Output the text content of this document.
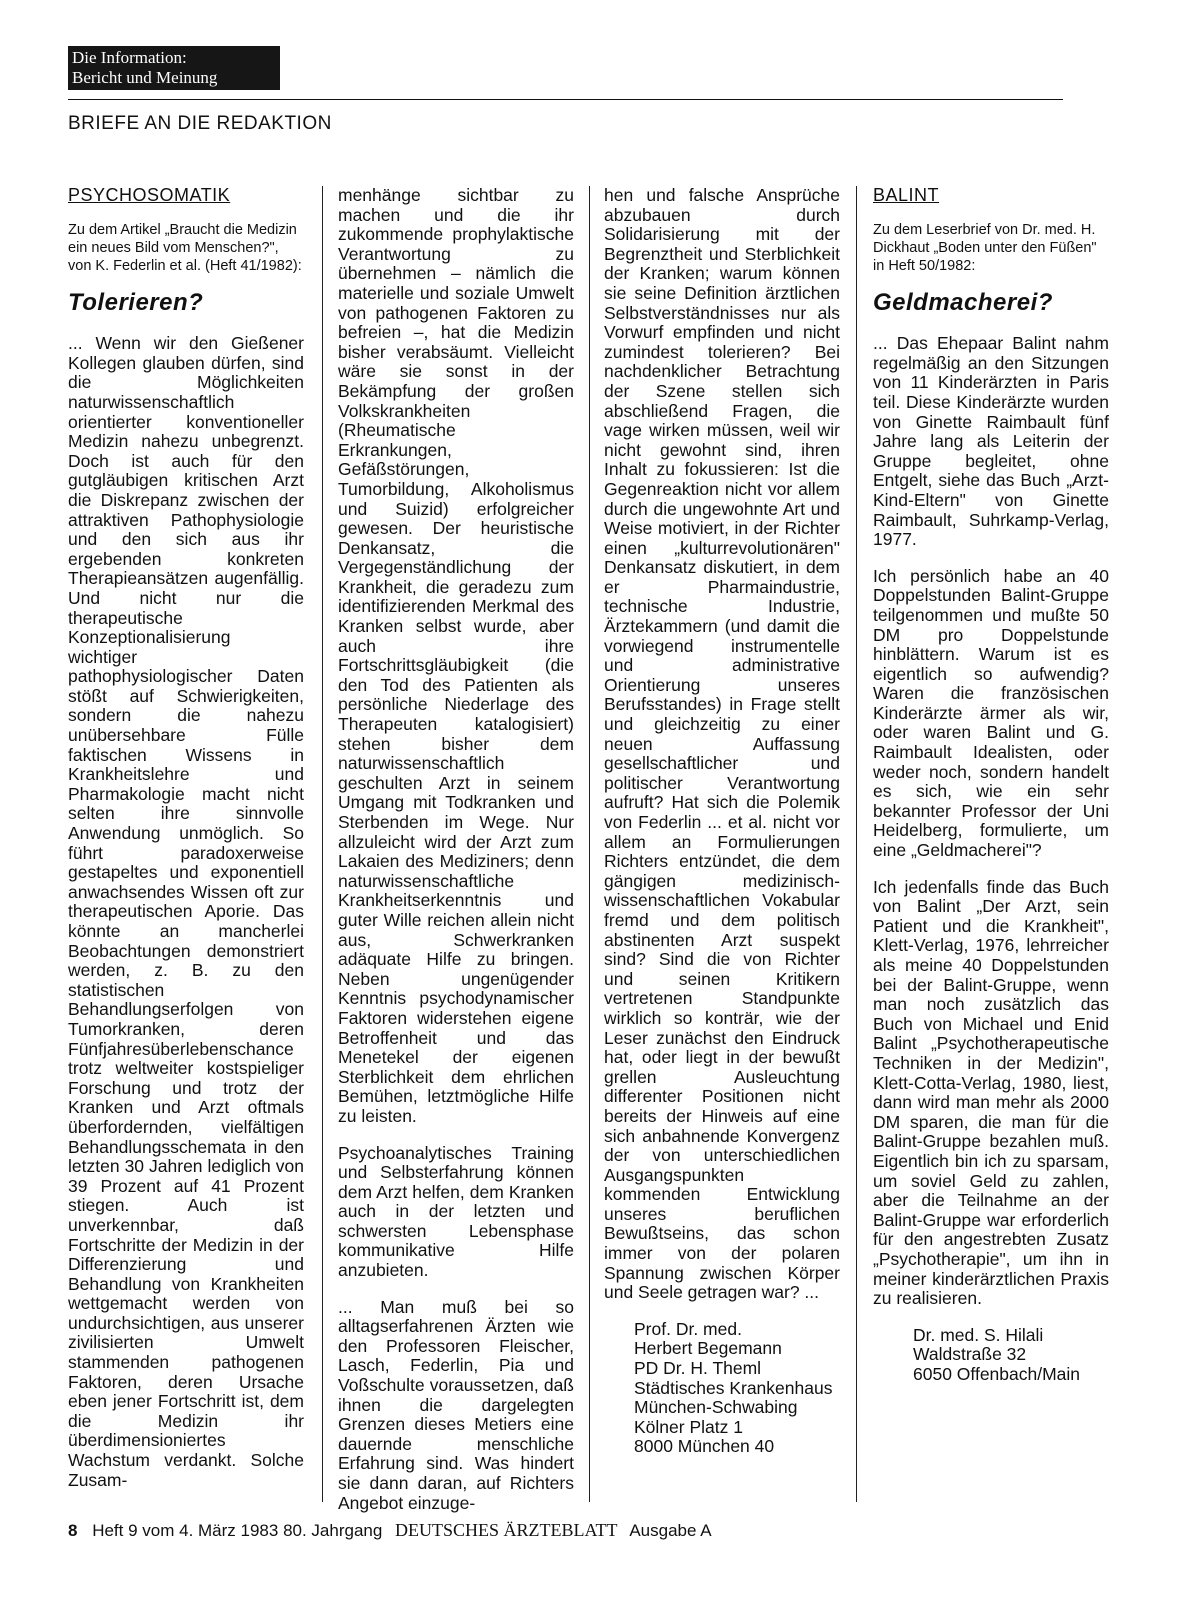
Die Information:
Bericht und Meinung
BRIEFE AN DIE REDAKTION
PSYCHOSOMATIK
Zu dem Artikel „Braucht die Medizin ein neues Bild vom Menschen?", von K. Federlin et al. (Heft 41/1982):
Tolerieren?

... Wenn wir den Gießener Kollegen glauben dürfen, sind die Möglichkeiten naturwissenschaftlich orientierter konventioneller Medizin nahezu unbegrenzt. Doch ist auch für den gutgläubigen kritischen Arzt die Diskrepanz zwischen der attraktiven Pathophysiologie und den sich aus ihr ergebenden konkreten Therapieansätzen augenfällig. Und nicht nur die therapeutische Konzeptionalisierung wichtiger pathophysiologischer Daten stößt auf Schwierigkeiten, sondern die nahezu unübersehbare Fülle faktischen Wissens in Krankheitslehre und Pharmakologie macht nicht selten ihre sinnvolle Anwendung unmöglich. So führt paradoxerweise gestapeltes und exponentiell anwachsendes Wissen oft zur therapeutischen Aporie. Das könnte an mancherlei Beobachtungen demonstriert werden, z. B. zu den statistischen Behandlungserfolgen von Tumorkranken, deren Fünfjahresüberlebenschance trotz weltweiter kostspieliger Forschung und trotz der Kranken und Arzt oftmals überfordernden, vielfältigen Behandlungsschemata in den letzten 30 Jahren lediglich von 39 Prozent auf 41 Prozent stiegen. Auch ist unverkennbar, daß Fortschritte der Medizin in der Differenzierung und Behandlung von Krankheiten wettgemacht werden von undurchsichtigen, aus unserer zivilisierten Umwelt stammenden pathogenen Faktoren, deren Ursache eben jener Fortschritt ist, dem die Medizin ihr überdimensioniertes Wachstum verdankt. Solche Zusam-

menhänge sichtbar zu machen und die ihr zukommende prophylaktische Verantwortung zu übernehmen – nämlich die materielle und soziale Umwelt von pathogenen Faktoren zu befreien –, hat die Medizin bisher verabsäumt. Vielleicht wäre sie sonst in der Bekämpfung der großen Volkskrankheiten (Rheumatische Erkrankungen, Gefäßstörungen, Tumorbildung, Alkoholismus und Suizid) erfolgreicher gewesen. Der heuristische Denkansatz, die Vergegenständlichung der Krankheit, die geradezu zum identifizierenden Merkmal des Kranken selbst wurde, aber auch ihre Fortschrittsgläubigkeit (die den Tod des Patienten als persönliche Niederlage des Therapeuten katalogisiert) stehen bisher dem naturwissenschaftlich geschulten Arzt in seinem Umgang mit Todkranken und Sterbenden im Wege. Nur allzuleicht wird der Arzt zum Lakaien des Mediziners; denn naturwissenschaftliche Krankheitserkenntnis und guter Wille reichen allein nicht aus, Schwerkranken adäquate Hilfe zu bringen. Neben ungenügender Kenntnis psychodynamischer Faktoren widerstehen eigene Betroffenheit und das Menetekel der eigenen Sterblichkeit dem ehrlichen Bemühen, letztmögliche Hilfe zu leisten.

Psychoanalytisches Training und Selbsterfahrung können dem Arzt helfen, dem Kranken auch in der letzten und schwersten Lebensphase kommunikative Hilfe anzubieten.

... Man muß bei so alltagserfahrenen Ärzten wie den Professoren Fleischer, Lasch, Federlin, Pia und Voßschulte voraussetzen, daß ihnen die dargelegten Grenzen dieses Metiers eine dauernde menschliche Erfahrung sind. Was hindert sie dann daran, auf Richters Angebot einzuge-

hen und falsche Ansprüche abzubauen durch Solidarisierung mit der Begrenztheit und Sterblichkeit der Kranken; warum können sie seine Definition ärztlichen Selbstverständnisses nur als Vorwurf empfinden und nicht zumindest tolerieren? Bei nachdenklicher Betrachtung der Szene stellen sich abschließend Fragen, die vage wirken müssen, weil wir nicht gewohnt sind, ihren Inhalt zu fokussieren: Ist die Gegenreaktion nicht vor allem durch die ungewohnte Art und Weise motiviert, in der Richter einen „kulturrevolutionären" Denkansatz diskutiert, in dem er Pharmaindustrie, technische Industrie, Ärztekammern (und damit die vorwiegend instrumentelle und administrative Orientierung unseres Berufsstandes) in Frage stellt und gleichzeitig zu einer neuen Auffassung gesellschaftlicher und politischer Verantwortung aufruft? Hat sich die Polemik von Federlin ... et al. nicht vor allem an Formulierungen Richters entzündet, die dem gängigen medizinisch-wissenschaftlichen Vokabular fremd und dem politisch abstinenten Arzt suspekt sind? Sind die von Richter und seinen Kritikern vertretenen Standpunkte wirklich so konträr, wie der Leser zunächst den Eindruck hat, oder liegt in der bewußt grellen Ausleuchtung differenter Positionen nicht bereits der Hinweis auf eine sich anbahnende Konvergenz der von unterschiedlichen Ausgangspunkten kommenden Entwicklung unseres beruflichen Bewußtseins, das schon immer von der polaren Spannung zwischen Körper und Seele getragen war? ...

Prof. Dr. med.
Herbert Begemann
PD Dr. H. Theml
Städtisches Krankenhaus
München-Schwabing
Kölner Platz 1
8000 München 40
BALINT
Zu dem Leserbrief von Dr. med. H. Dickhaut „Boden unter den Füßen" in Heft 50/1982:
Geldmacherei?

... Das Ehepaar Balint nahm regelmäßig an den Sitzungen von 11 Kinderärzten in Paris teil. Diese Kinderärzte wurden von Ginette Raimbault fünf Jahre lang als Leiterin der Gruppe begleitet, ohne Entgelt, siehe das Buch „Arzt-Kind-Eltern" von Ginette Raimbault, Suhrkamp-Verlag, 1977.

Ich persönlich habe an 40 Doppelstunden Balint-Gruppe teilgenommen und mußte 50 DM pro Doppelstunde hinblättern. Warum ist es eigentlich so aufwendig? Waren die französischen Kinderärzte ärmer als wir, oder waren Balint und G. Raimbault Idealisten, oder weder noch, sondern handelt es sich, wie ein sehr bekannter Professor der Uni Heidelberg, formulierte, um eine „Geldmacherei"?

Ich jedenfalls finde das Buch von Balint „Der Arzt, sein Patient und die Krankheit", Klett-Verlag, 1976, lehrreicher als meine 40 Doppelstunden bei der Balint-Gruppe, wenn man noch zusätzlich das Buch von Michael und Enid Balint „Psychotherapeutische Techniken in der Medizin", Klett-Cotta-Verlag, 1980, liest, dann wird man mehr als 2000 DM sparen, die man für die Balint-Gruppe bezahlen muß. Eigentlich bin ich zu sparsam, um soviel Geld zu zahlen, aber die Teilnahme an der Balint-Gruppe war erforderlich für den angestrebten Zusatz „Psychotherapie", um ihn in meiner kinderärztlichen Praxis zu realisieren.

Dr. med. S. Hilali
Waldstraße 32
6050 Offenbach/Main
8 Heft 9 vom 4. März 1983 80. Jahrgang DEUTSCHES ÄRZTEBLATT Ausgabe A
